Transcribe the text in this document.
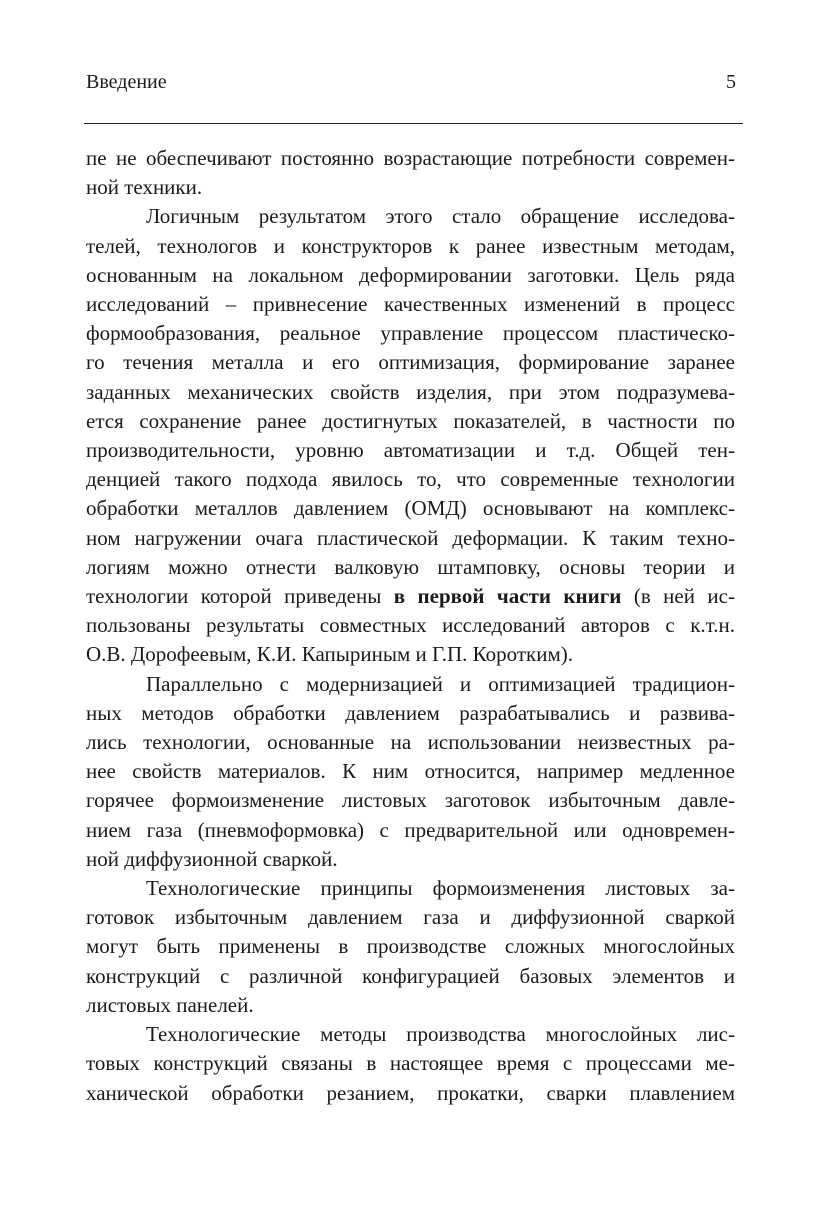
Введение	5

пе не обеспечивают постоянно возрастающие потребности современ-

ной техники.

Логичным результатом этого стало обращение исследова-

телей, технологов и конструкторов к ранее известным методам,

основанным на локальном деформировании заготовки. Цель ряда

исследований – привнесение качественных изменений в процесс

формообразования, реальное управление процессом пластическо-

го течения металла и его оптимизация, формирование заранее

заданных механических свойств изделия, при этом подразумева-

ется сохранение ранее достигнутых показателей, в частности по

производительности, уровню автоматизации и т.д. Общей тен-

денцией такого подхода явилось то, что современные технологии

обработки металлов давлением (ОМД) основывают на комплекс-

ном нагружении очага пластической деформации. К таким техно-

логиям можно отнести валковую штамповку, основы теории и

технологии которой приведены в первой части книги (в ней ис-

пользованы результаты совместных исследований авторов с к.т.н.

О.В. Дорофеевым, К.И. Капыриным и Г.П. Коротким).

Параллельно с модернизацией и оптимизацией традицион-

ных методов обработки давлением разрабатывались и развива-

лись технологии, основанные на использовании неизвестных ра-

нее свойств материалов. К ним относится, например медленное

горячее формоизменение листовых заготовок избыточным давле-

нием газа (пневмоформовка) с предварительной или одновремен-

ной диффузионной сваркой.

Технологические принципы формоизменения листовых за-

готовок избыточным давлением газа и диффузионной сваркой

могут быть применены в производстве сложных многослойных

конструкций с различной конфигурацией базовых элементов и

листовых панелей.

Технологические методы производства многослойных лис-

товых конструкций связаны в настоящее время с процессами ме-

ханической обработки резанием, прокатки, сварки плавлением
